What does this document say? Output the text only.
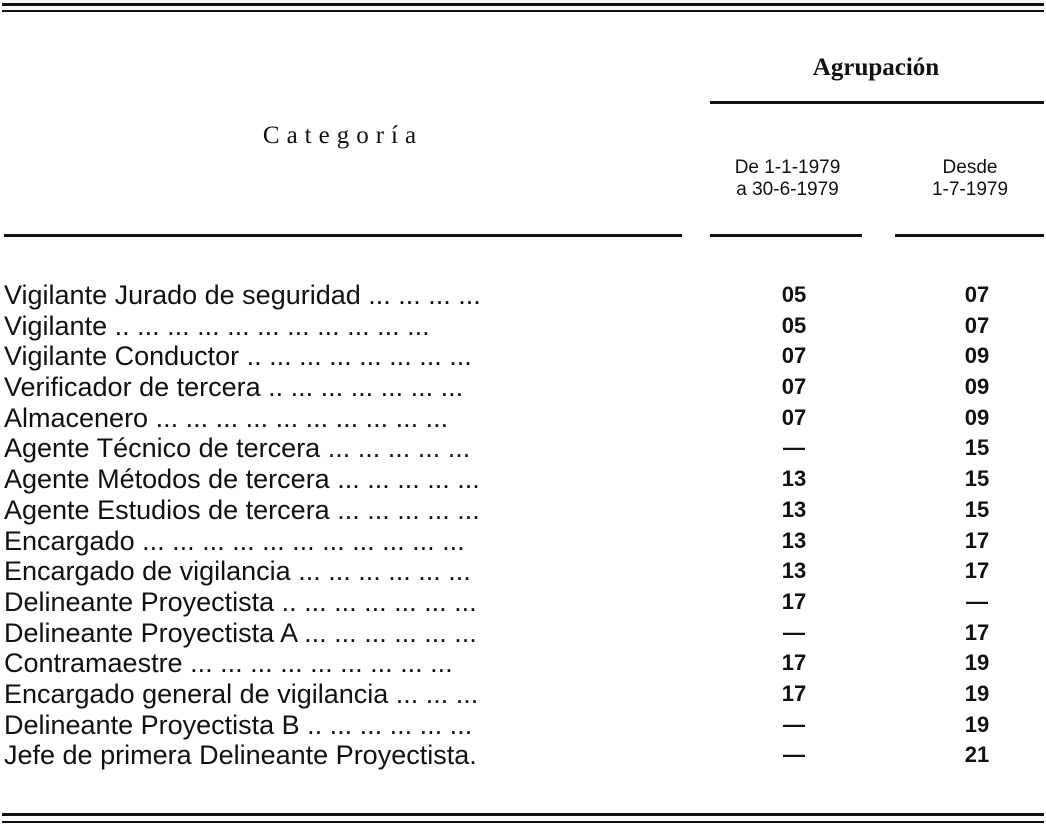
Categoría
Agrupación
De 1-1-1979
a 30-6-1979
Desde
1-7-1979
Vigilante Jurado de seguridad ... ... ... ...	05	07
Vigilante .. ... ... ... ... ... ... ... ... ... ...	05	07
Vigilante Conductor .. ... ... ... ... ... ... ...	07	09
Verificador de tercera .. ... ... ... ... ... ...	07	09
Almacenero ... ... ... ... ... ... ... ... ... ...	07	09
Agente Técnico de tercera ... ... ... ... ...	—	15
Agente Métodos de tercera ... ... ... ... ...	13	15
Agente Estudios de tercera ... ... ... ... ...	13	15
Encargado ... ... ... ... ... ... ... ... ... ... ...	13	17
Encargado de vigilancia ... ... ... ... ... ...	13	17
Delineante Proyectista .. ... ... ... ... ... ...	17	—
Delineante Proyectista A ... ... ... ... ... ...	—	17
Contramaestre ... ... ... ... ... ... ... ... ...	17	19
Encargado general de vigilancia ... ... ...	17	19
Delineante Proyectista B .. ... ... ... ... ...	—	19
Jefe de primera Delineante Proyectista.	—	21
